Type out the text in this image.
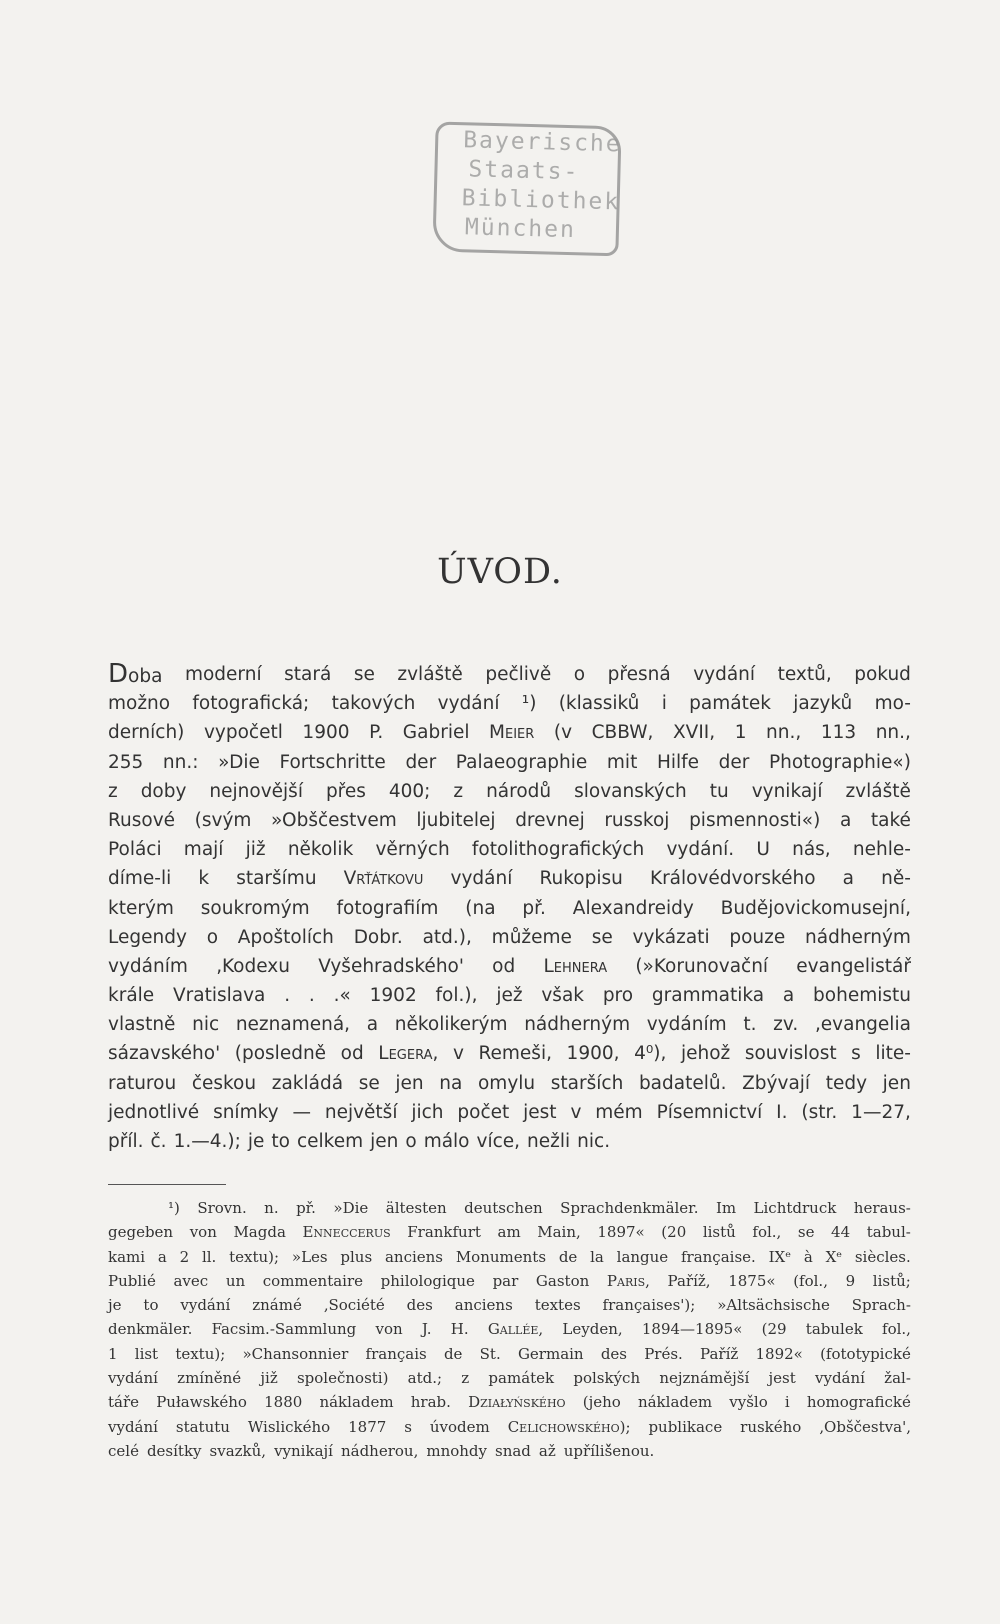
Bayerische
Staats-
Bibliothek
München
ÚVOD.
Doba moderní stará se zvláště pečlivě o přesná vydání textů, pokud
možno fotografická; takových vydání ¹) (klassiků i památek jazyků mo-
derních) vypočetl 1900 P. Gabriel Meier (v CBBW, XVII, 1 nn., 113 nn.,
255 nn.: »Die Fortschritte der Palaeographie mit Hilfe der Photographie«)
z doby nejnovější přes 400; z národů slovanských tu vynikají zvláště
Rusové (svým »Obščestvem ljubitelej drevnej russkoj pismennosti«) a také
Poláci mají již několik věrných fotolithografických vydání. U nás, nehle-
díme-li k staršímu Vrťátkovu vydání Rukopisu Královédvorského a ně-
kterým soukromým fotografiím (na př. Alexandreidy Budějovickomusejní,
Legendy o Apoštolích Dobr. atd.), můžeme se vykázati pouze nádherným
vydáním ‚Kodexu Vyšehradského' od Lehnera (»Korunovační evangelistář
krále Vratislava . . .« 1902 fol.), jež však pro grammatika a bohemistu
vlastně nic neznamená, a několikerým nádherným vydáním t. zv. ‚evangelia
sázavského' (posledně od Legera, v Remeši, 1900, 4⁰), jehož souvislost s lite-
raturou českou zakládá se jen na omylu starších badatelů. Zbývají tedy jen
jednotlivé snímky — největší jich počet jest v mém Písemnictví I. (str. 1—27,
příl. č. 1.—4.); je to celkem jen o málo více, nežli nic.
¹) Srovn. n. př. »Die ältesten deutschen Sprachdenkmäler. Im Lichtdruck heraus-
gegeben von Magda Enneccerus Frankfurt am Main, 1897« (20 listů fol., se 44 tabul-
kami a 2 ll. textu); »Les plus anciens Monuments de la langue française. IXᵉ à Xᵉ siècles.
Publié avec un commentaire philologique par Gaston Paris, Paříž, 1875« (fol., 9 listů;
je to vydání známé ‚Société des anciens textes françaises'); »Altsächsische Sprach-
denkmäler. Facsim.-Sammlung von J. H. Gallée, Leyden, 1894—1895« (29 tabulek fol.,
1 list textu); »Chansonnier français de St. Germain des Prés. Paříž 1892« (fototypické
vydání zmíněné již společnosti) atd.; z památek polských nejznámější jest vydání žal-
táře Puławského 1880 nákladem hrab. Działyńského (jeho nákladem vyšlo i homografické
vydání statutu Wislického 1877 s úvodem Celichowského); publikace ruského ‚Obščestva',
celé desítky svazků, vynikají nádherou, mnohdy snad až upříliš̌enou.
